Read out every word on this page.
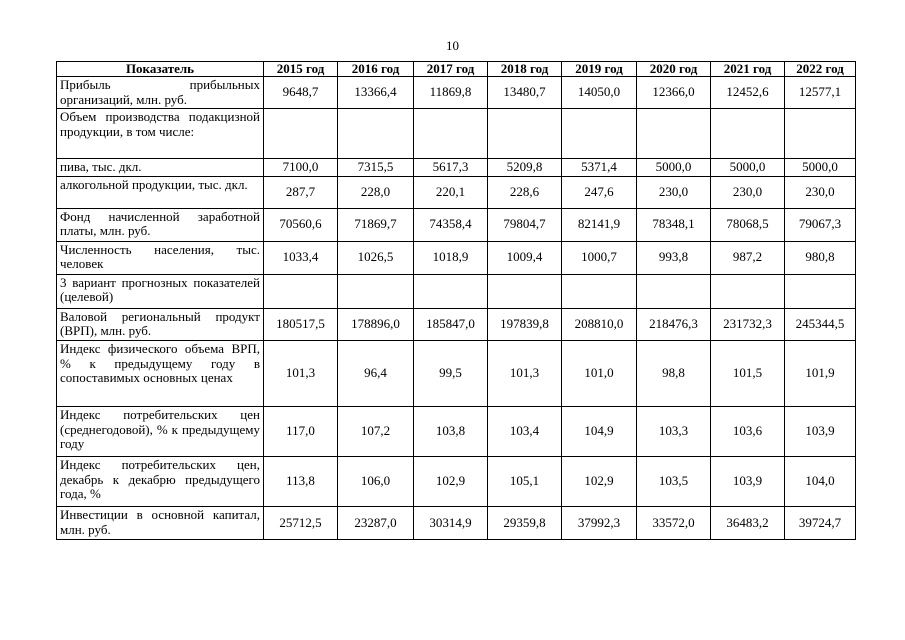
10
Показатель	2015 год	2016 год	2017 год	2018 год	2019 год	2020 год	2021 год	2022 год
Прибыль прибыльных организаций, млн. руб.	9648,7	13366,4	11869,8	13480,7	14050,0	12366,0	12452,6	12577,1
Объем производства подакцизной продукции, в том числе:								
пива, тыс. дкл.	7100,0	7315,5	5617,3	5209,8	5371,4	5000,0	5000,0	5000,0
алкогольной продукции, тыс. дкл.	287,7	228,0	220,1	228,6	247,6	230,0	230,0	230,0
Фонд начисленной заработной платы, млн. руб.	70560,6	71869,7	74358,4	79804,7	82141,9	78348,1	78068,5	79067,3
Численность населения, тыс. человек	1033,4	1026,5	1018,9	1009,4	1000,7	993,8	987,2	980,8
3 вариант прогнозных показателей (целевой)								
Валовой региональный продукт (ВРП), млн. руб.	180517,5	178896,0	185847,0	197839,8	208810,0	218476,3	231732,3	245344,5
Индекс физического объема ВРП, % к предыдущему году в сопоставимых основных ценах	101,3	96,4	99,5	101,3	101,0	98,8	101,5	101,9
Индекс потребительских цен (среднегодовой), % к предыдущему году	117,0	107,2	103,8	103,4	104,9	103,3	103,6	103,9
Индекс потребительских цен, декабрь к декабрю предыдущего года, %	113,8	106,0	102,9	105,1	102,9	103,5	103,9	104,0
Инвестиции в основной капитал, млн. руб.	25712,5	23287,0	30314,9	29359,8	37992,3	33572,0	36483,2	39724,7
